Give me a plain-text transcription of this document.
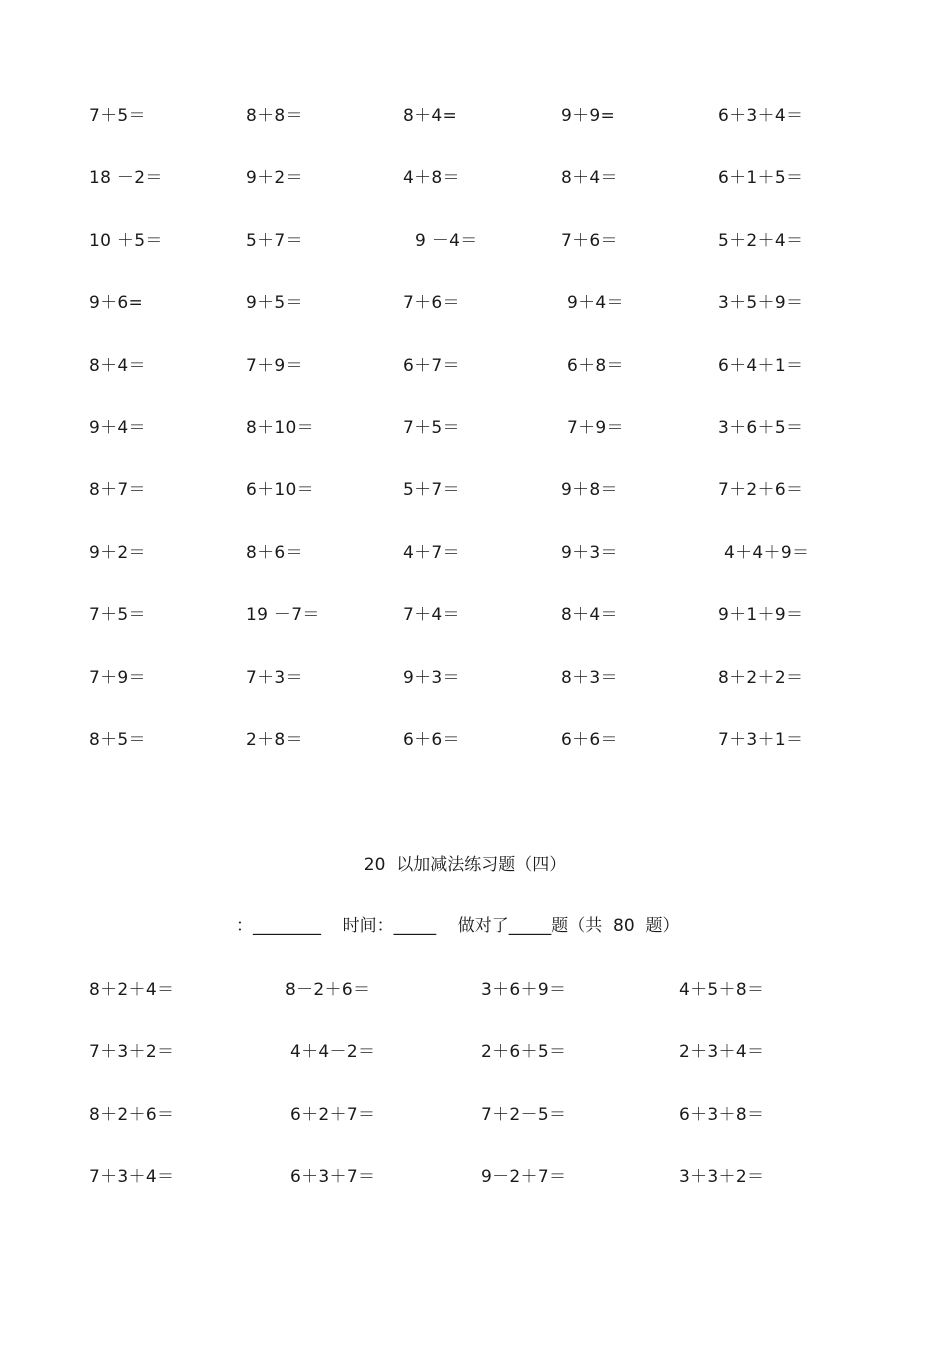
7＋5＝	8＋8＝	8＋4=	9＋9=	6＋3＋4＝
18 －2＝	9＋2＝	4＋8＝	8＋4＝	6＋1＋5＝
10 ＋5＝	5＋7＝	9 －4＝	7＋6＝	5＋2＋4＝
9＋6=	9＋5＝	7＋6＝	9＋4＝	3＋5＋9＝
8＋4＝	7＋9＝	6＋7＝	6＋8＝	6＋4＋1＝
9＋4＝	8＋10＝	7＋5＝	7＋9＝	3＋6＋5＝
8＋7＝	6＋10＝	5＋7＝	9＋8＝	7＋2＋6＝
9＋2＝	8＋6＝	4＋7＝	9＋3＝	4＋4＋9＝
7＋5＝	19 －7＝	7＋4＝	8＋4＝	9＋1＋9＝
7＋9＝	7＋3＝	9＋3＝	8＋3＝	8＋2＋2＝
8＋5＝	2＋8＝	6＋6＝	6＋6＝	7＋3＋1＝
20  以加减法练习题（四）
：________    时间：_____    做对了_____题（共  80  题）
8＋2＋4＝	8－2＋6＝	3＋6＋9＝	4＋5＋8＝
7＋3＋2＝	4＋4－2＝	2＋6＋5＝	2＋3＋4＝
8＋2＋6＝	6＋2＋7＝	7＋2－5＝	6＋3＋8＝
7＋3＋4＝	6＋3＋7＝	9－2＋7＝	3＋3＋2＝
